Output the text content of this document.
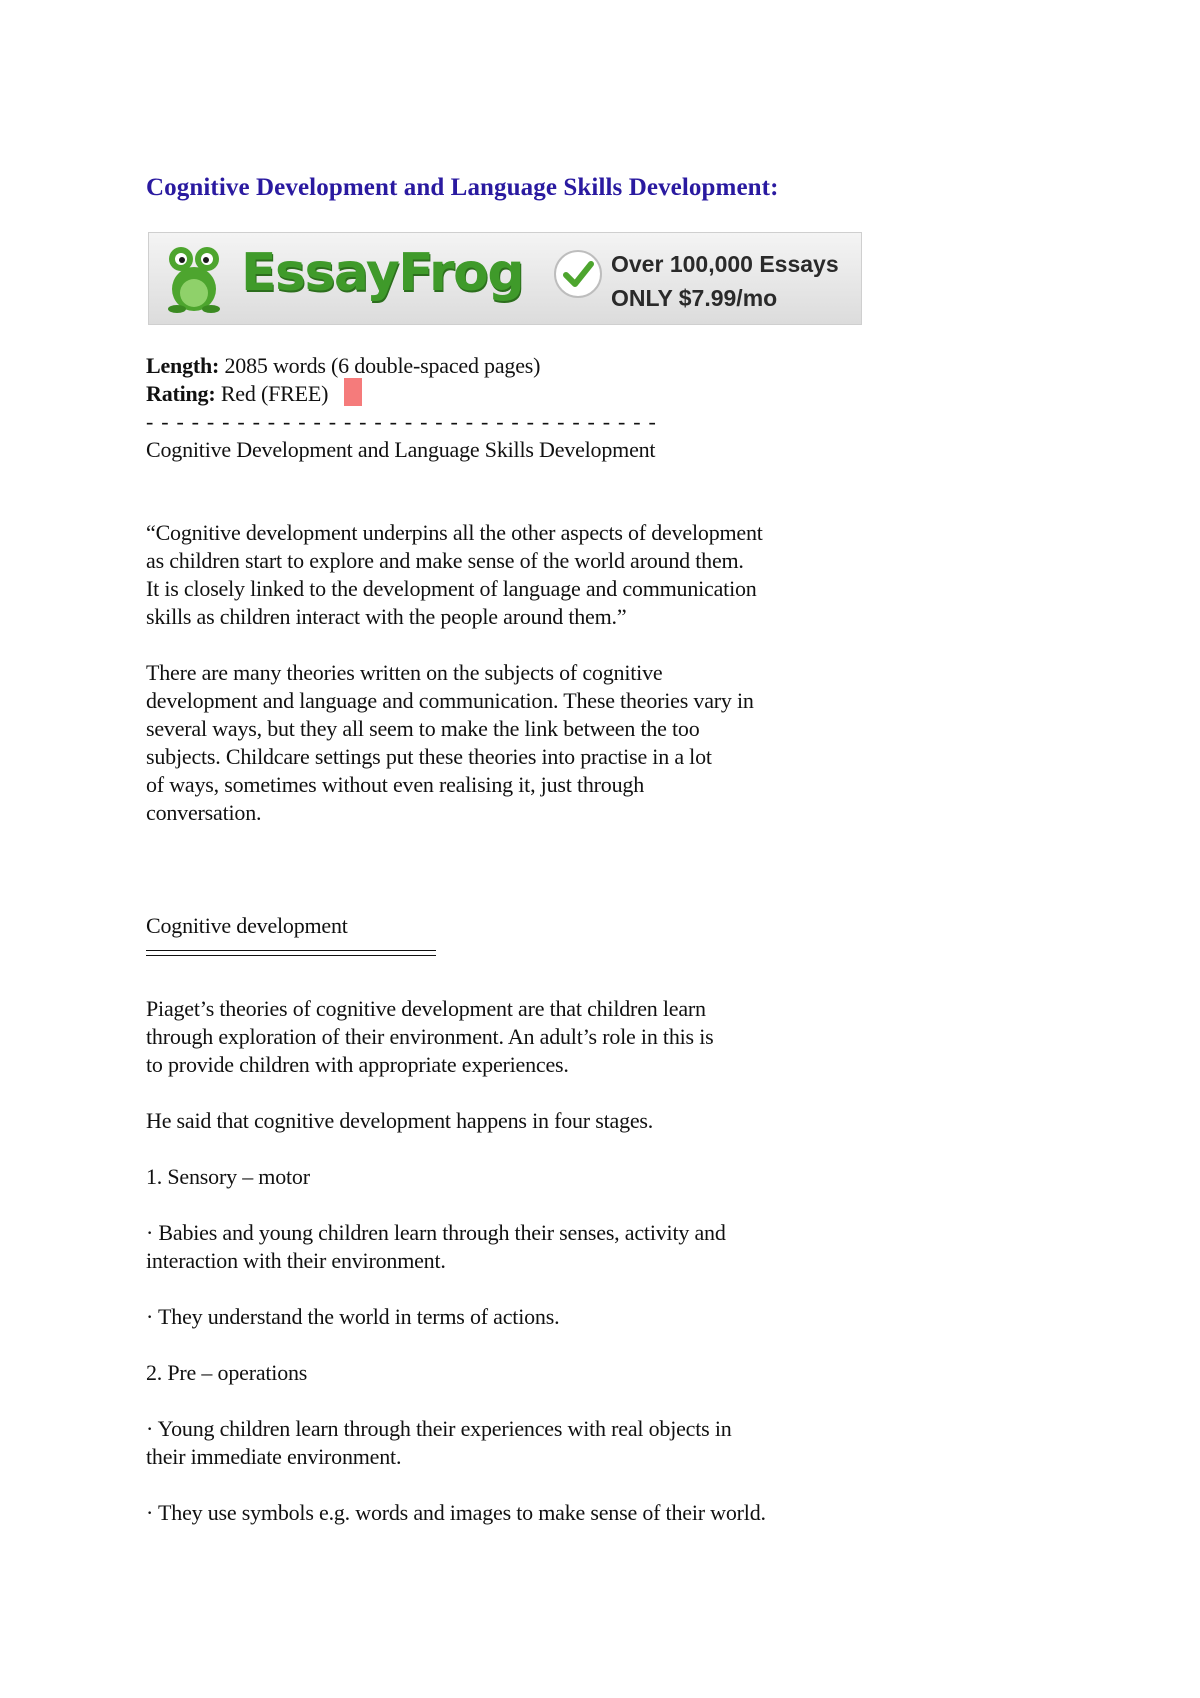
Cognitive Development and Language Skills Development:
EssayFrog	Over 100,000 Essays
ONLY $7.99/mo
Length: 2085 words (6 double-spaced pages)
Rating: Red (FREE)
- - - - - - - - - - - - - - - - - - - - - - - - - - - - - - - - - -
Cognitive Development and Language Skills Development
“Cognitive development underpins all the other aspects of development
as children start to explore and make sense of the world around them.
It is closely linked to the development of language and communication
skills as children interact with the people around them.”
There are many theories written on the subjects of cognitive
development and language and communication. These theories vary in
several ways, but they all seem to make the link between the too
subjects. Childcare settings put these theories into practise in a lot
of ways, sometimes without even realising it, just through
conversation.
Cognitive development
Piaget’s theories of cognitive development are that children learn
through exploration of their environment. An adult’s role in this is
to provide children with appropriate experiences.
He said that cognitive development happens in four stages.
1. Sensory – motor
· Babies and young children learn through their senses, activity and
interaction with their environment.
· They understand the world in terms of actions.
2. Pre – operations
· Young children learn through their experiences with real objects in
their immediate environment.
· They use symbols e.g. words and images to make sense of their world.
